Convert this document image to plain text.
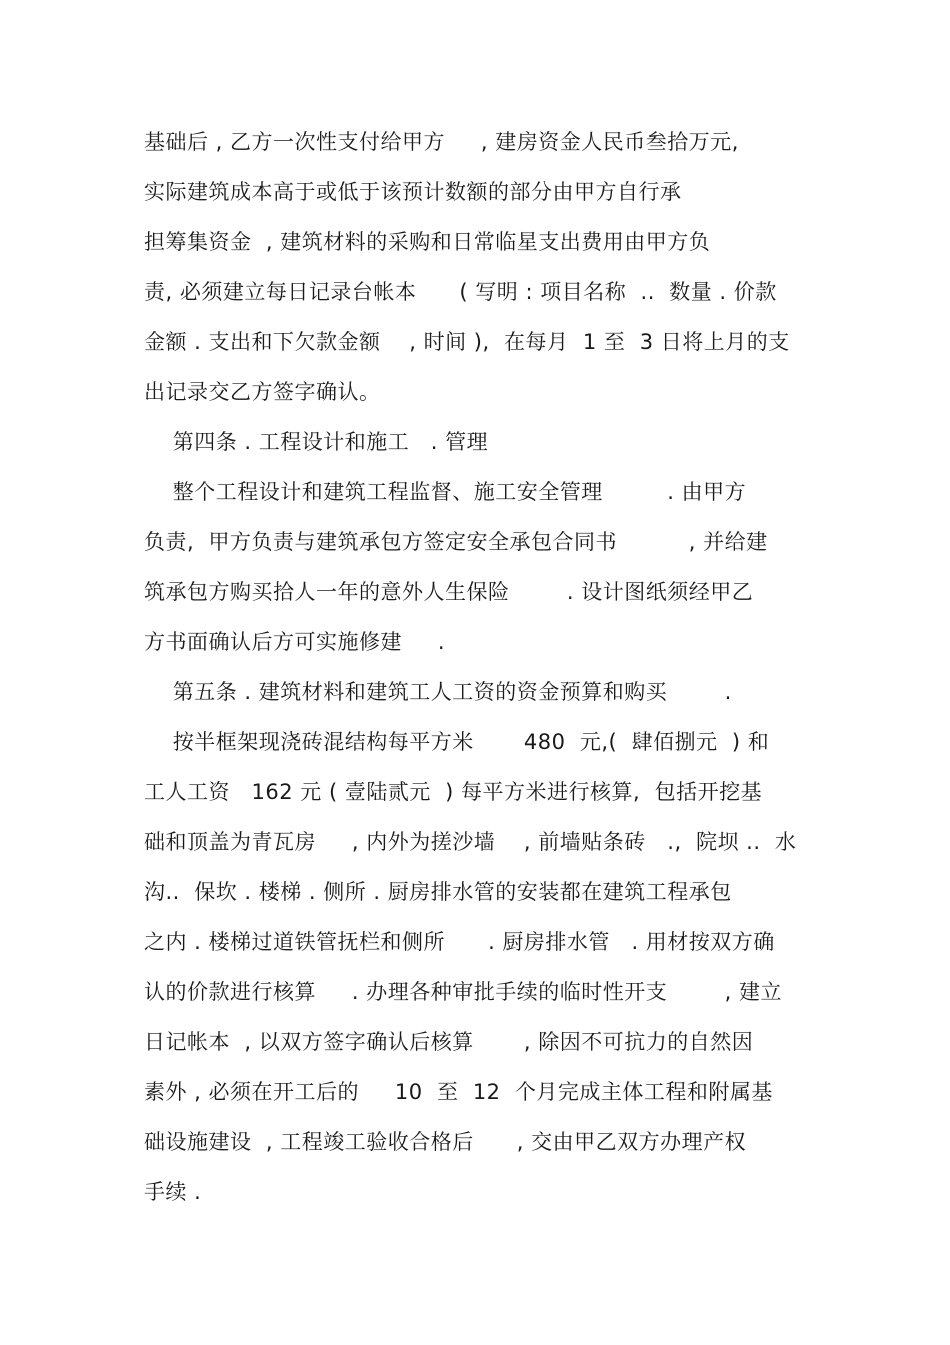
基础后 , 乙方一次性支付给甲方     , 建房资金人民币叁拾万元,
实际建筑成本高于或低于该预计数额的部分由甲方自行承
担筹集资金  , 建筑材料的采购和日常临星支出费用由甲方负
责, 必须建立每日记录台帐本      ( 写明 : 项目名称  ..  数量 . 价款
金额 . 支出和下欠款金额    , 时间 ),  在每月  1 至  3 日将上月的支
出记录交乙方签字确认。
第四条 . 工程设计和施工   . 管理
整个工程设计和建筑工程监督、施工安全管理         . 由甲方
负责,  甲方负责与建筑承包方签定安全承包合同书          , 并给建
筑承包方购买拾人一年的意外人生保险        . 设计图纸须经甲乙
方书面确认后方可实施修建     .
第五条 . 建筑材料和建筑工人工资的资金预算和购买        .
按半框架现浇砖混结构每平方米       480  元,(  肆佰捌元  ) 和
工人工资   162 元 ( 壹陆贰元  ) 每平方米进行核算,  包括开挖基
础和顶盖为青瓦房     , 内外为搓沙墙    , 前墙贴条砖   .,  院坝 ..  水
沟..  保坎 . 楼梯 . 侧所 . 厨房排水管的安装都在建筑工程承包
之内 . 楼梯过道铁管抚栏和侧所      . 厨房排水管   . 用材按双方确
认的价款进行核算     . 办理各种审批手续的临时性开支        , 建立
日记帐本  , 以双方签字确认后核算       , 除因不可抗力的自然因
素外 , 必须在开工后的     10  至  12  个月完成主体工程和附属基
础设施建设  , 工程竣工验收合格后      , 交由甲乙双方办理产权
手续 .
